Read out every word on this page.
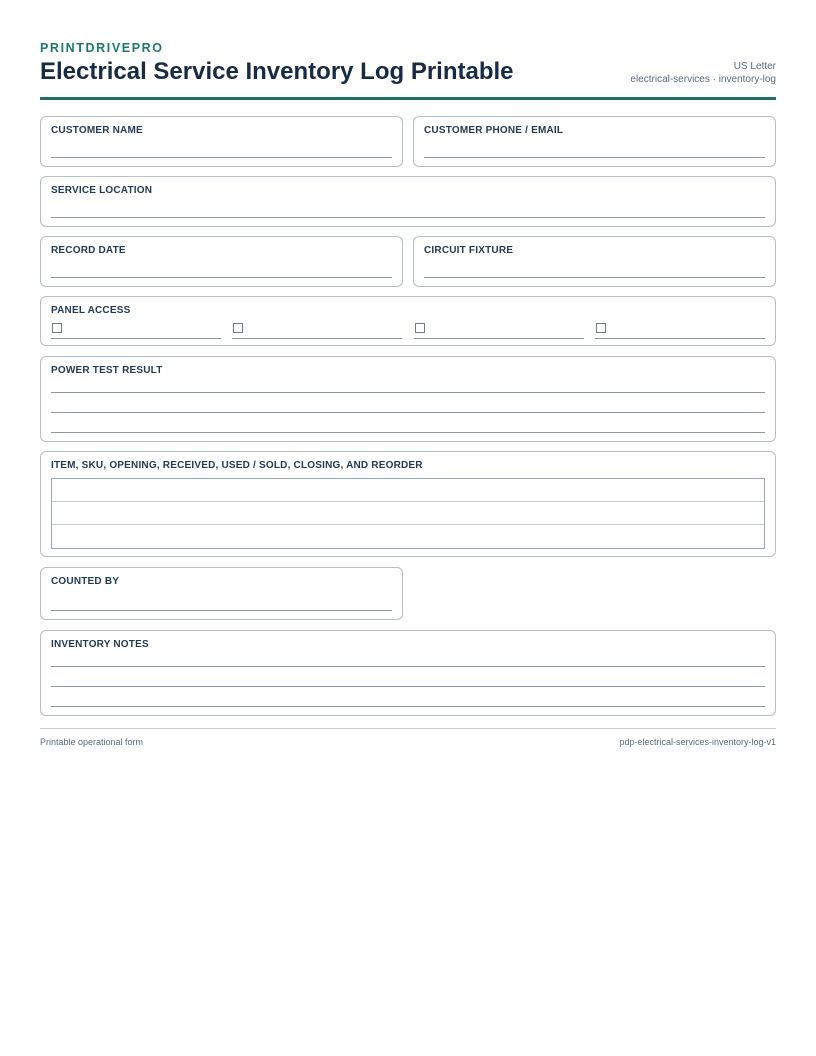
PRINTDRIVEPRO
Electrical Service Inventory Log Printable	US Letter
electrical-services · inventory-log
CUSTOMER NAME	CUSTOMER PHONE / EMAIL
SERVICE LOCATION
RECORD DATE	CIRCUIT FIXTURE
PANEL ACCESS
POWER TEST RESULT
ITEM, SKU, OPENING, RECEIVED, USED / SOLD, CLOSING, AND REORDER
COUNTED BY
INVENTORY NOTES
Printable operational form	pdp-electrical-services-inventory-log-v1
